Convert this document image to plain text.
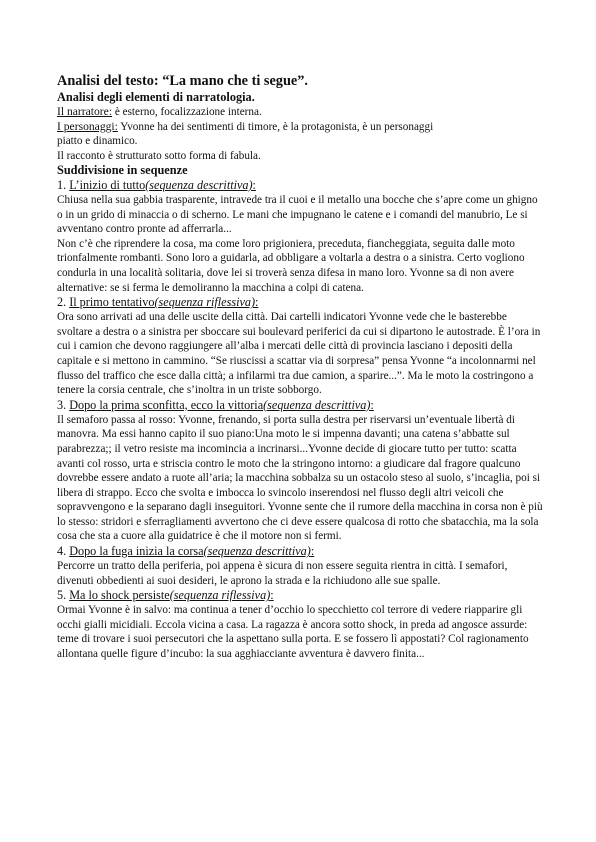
Analisi del testo: “La mano che ti segue”.

Analisi degli elementi di narratologia.

Il narratore: è esterno, focalizzazione interna.

I personaggi: Yvonne ha dei sentimenti di timore, è la protagonista, è un personaggi

piatto e dinamico.

Il racconto è strutturato sotto forma di fabula.

Suddivisione in sequenze

1. L’inizio di tutto(sequenza descrittiva):

Chiusa nella sua gabbia trasparente, intravede tra il cuoi e il metallo una bocche che s’apre come un ghigno o in un grido di minaccia o di scherno. Le mani che impugnano le catene e i comandi del manubrio, Le si avventano contro pronte ad afferrarla...

Non c’è che riprendere la cosa, ma come loro prigioniera, preceduta, fiancheggiata, seguita dalle moto trionfalmente rombanti. Sono loro a guidarla, ad obbligare a voltarla a destra o a sinistra. Certo vogliono condurla in una località solitaria, dove lei si troverà senza difesa in mano loro. Yvonne sa di non avere alternative: se si ferma le demoliranno la macchina a colpi di catena.

2. Il primo tentativo(sequenza riflessiva):

Ora sono arrivati ad una delle uscite della città. Dai cartelli indicatori Yvonne vede che le basterebbe svoltare a destra o a sinistra per sboccare sui boulevard periferici da cui si dipartono le autostrade. È l’ora in cui i camion che devono raggiungere all’alba i mercati delle città di provincia lasciano i depositi della capitale e si mettono in cammino. “Se riuscissi a scattar via di sorpresa” pensa Yvonne “a incolonnarmi nel flusso del traffico che esce dalla città; a infilarmi tra due camion, a sparire...”. Ma le moto la costringono a tenere la corsia centrale, che s’inoltra in un triste sobborgo.

3. Dopo la prima sconfitta, ecco la vittoria(sequenza descrittiva):

Il semaforo passa al rosso: Yvonne, frenando, si porta sulla destra per riservarsi un’eventuale libertà di manovra. Ma essi hanno capito il suo piano:Una moto le si impenna davanti; una catena s’abbatte sul parabrezza;; il vetro resiste ma incomincia a incrinarsi...Yvonne decide di giocare tutto per tutto: scatta avanti col rosso, urta e striscia contro le moto che la stringono intorno: a giudicare dal fragore qualcuno dovrebbe essere andato a ruote all’aria; la macchina sobbalza su un ostacolo steso al suolo, s’incaglia, poi si libera di strappo. Ecco che svolta e imbocca lo svincolo inserendosi nel flusso degli altri veicoli che sopravvengono e la separano dagli inseguitori. Yvonne sente che il rumore della macchina in corsa non è più lo stesso: stridori e sferragliamenti avvertono che ci deve essere qualcosa di rotto che sbatacchia, ma la sola cosa che sta a cuore alla guidatrice è che il motore non si fermi.

4. Dopo la fuga inizia la corsa(sequenza descrittiva):

Percorre un tratto della periferia, poi appena è sicura di non essere seguita rientra in città. I semafori, divenuti obbedienti ai suoi desideri, le aprono la strada e la richiudono alle sue spalle.

5. Ma lo shock persiste(sequenza riflessiva):

Ormai Yvonne è in salvo: ma continua a tener d’occhio lo specchietto col terrore di vedere riapparire gli occhi gialli micidiali. Eccola vicina a casa. La ragazza è ancora sotto shock, in preda ad angosce assurde: teme di trovare i suoi persecutori che la aspettano sulla porta. E se fossero lì appostati? Col ragionamento allontana quelle figure d’incubo: la sua agghiacciante avventura è davvero finita...
